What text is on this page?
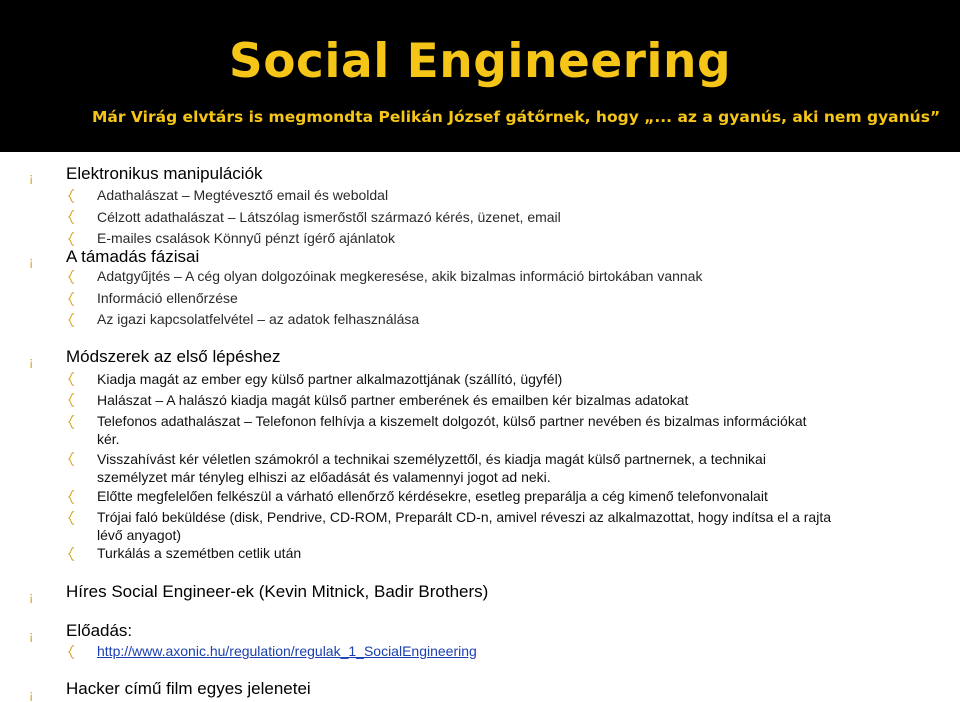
Social Engineering
Már Virág elvtárs is megmondta Pelikán József gátőrnek, hogy „... az a gyanús, aki nem gyanús”
¡ Elektronikus manipulációk
Adathalászat – Megtévesztő email és weboldal
Célzott adathalászat – Látszólag ismerőstől származó kérés, üzenet, email
E-mailes csalások Könnyű pénzt ígérő ajánlatok
¡ A támadás fázisai
Adatgyűjtés – A cég olyan dolgozóinak megkeresése, akik bizalmas információ birtokában vannak
Információ ellenőrzése
Az igazi kapcsolatfelvétel – az adatok felhasználása
¡ Módszerek az első lépéshez
Kiadja magát az ember egy külső partner alkalmazottjának (szállító, ügyfél)
Halászat – A halászó kiadja magát külső partner emberének és emailben kér bizalmas adatokat
Telefonos adathalászat – Telefonon felhívja a kiszemelt dolgozót, külső partner nevében és bizalmas információkat
kér.
Visszahívást kér véletlen számokról a technikai személyzettől, és kiadja magát külső partnernek, a technikai
személyzet már tényleg elhiszi az előadását és valamennyi jogot ad neki.
Előtte megfelelően felkészül a várható ellenőrző kérdésekre, esetleg preparálja a cég kimenő telefonvonalait
Trójai faló beküldése (disk, Pendrive, CD-ROM, Preparált CD-n, amivel réveszi az alkalmazottat, hogy indítsa el a rajta
lévő anyagot)
Turkálás a szemétben cetlik után
¡ Híres Social Engineer-ek (Kevin Mitnick, Badir Brothers)
¡ Előadás:
http://www.axonic.hu/regulation/regulak_1_SocialEngineering
¡ Hacker című film egyes jelenetei
